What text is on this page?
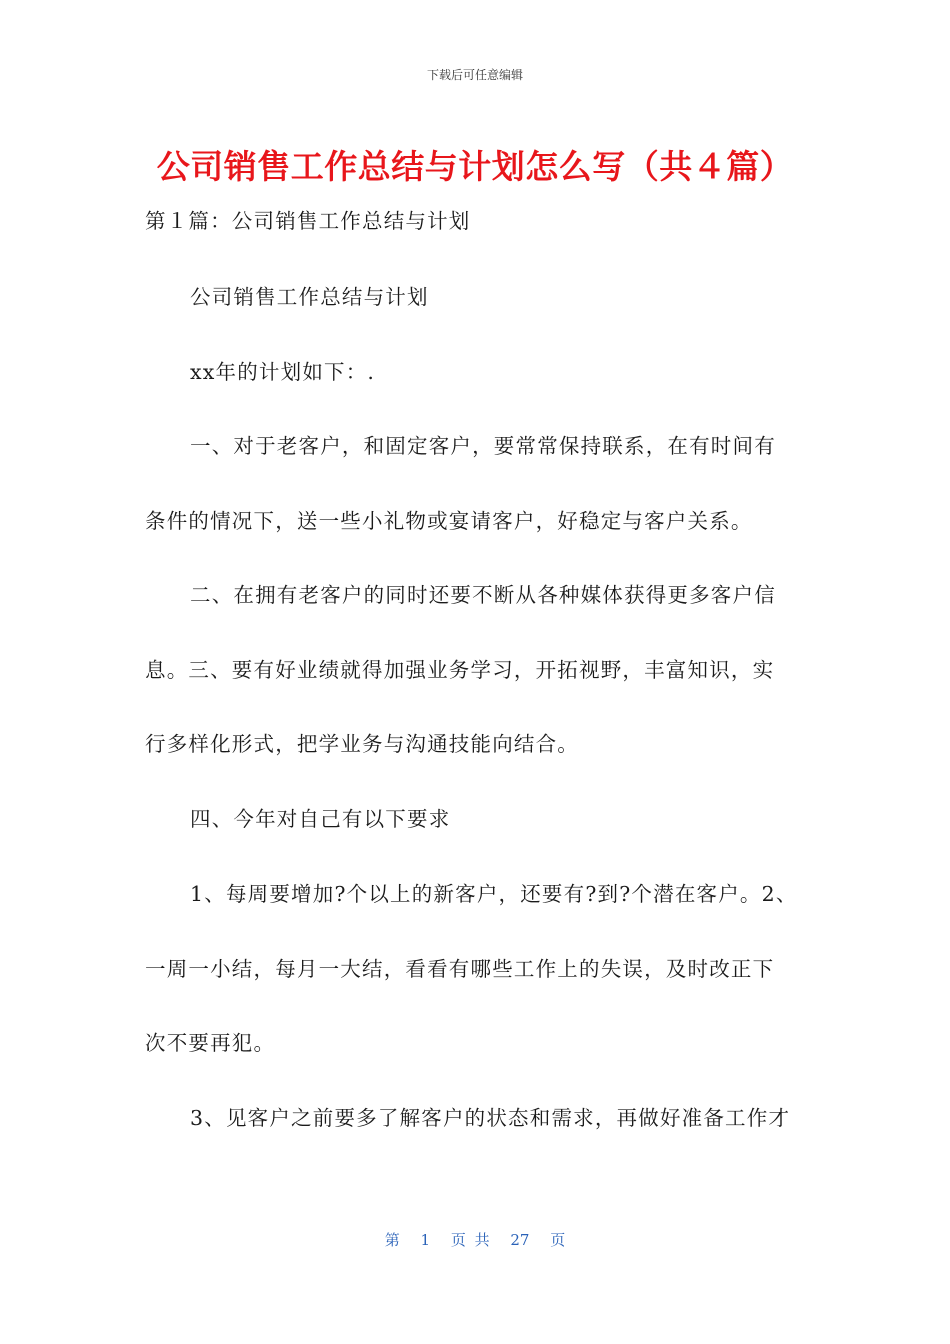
下载后可任意编辑
公司销售工作总结与计划怎么写（共４篇）
第１篇：公司销售工作总结与计划
公司销售工作总结与计划
xx年的计划如下：.
一、对于老客户，和固定客户，要常常保持联系，在有时间有
条件的情况下，送一些小礼物或宴请客户，好稳定与客户关系。
二、在拥有老客户的同时还要不断从各种媒体获得更多客户信
息。三、要有好业绩就得加强业务学习，开拓视野，丰富知识，实
行多样化形式，把学业务与沟通技能向结合。
四、今年对自己有以下要求
1、每周要增加?个以上的新客户，还要有?到?个潜在客户。2、
一周一小结，每月一大结，看看有哪些工作上的失误，及时改正下
次不要再犯。
3、见客户之前要多了解客户的状态和需求，再做好准备工作才
第 1 页 共 27 页
